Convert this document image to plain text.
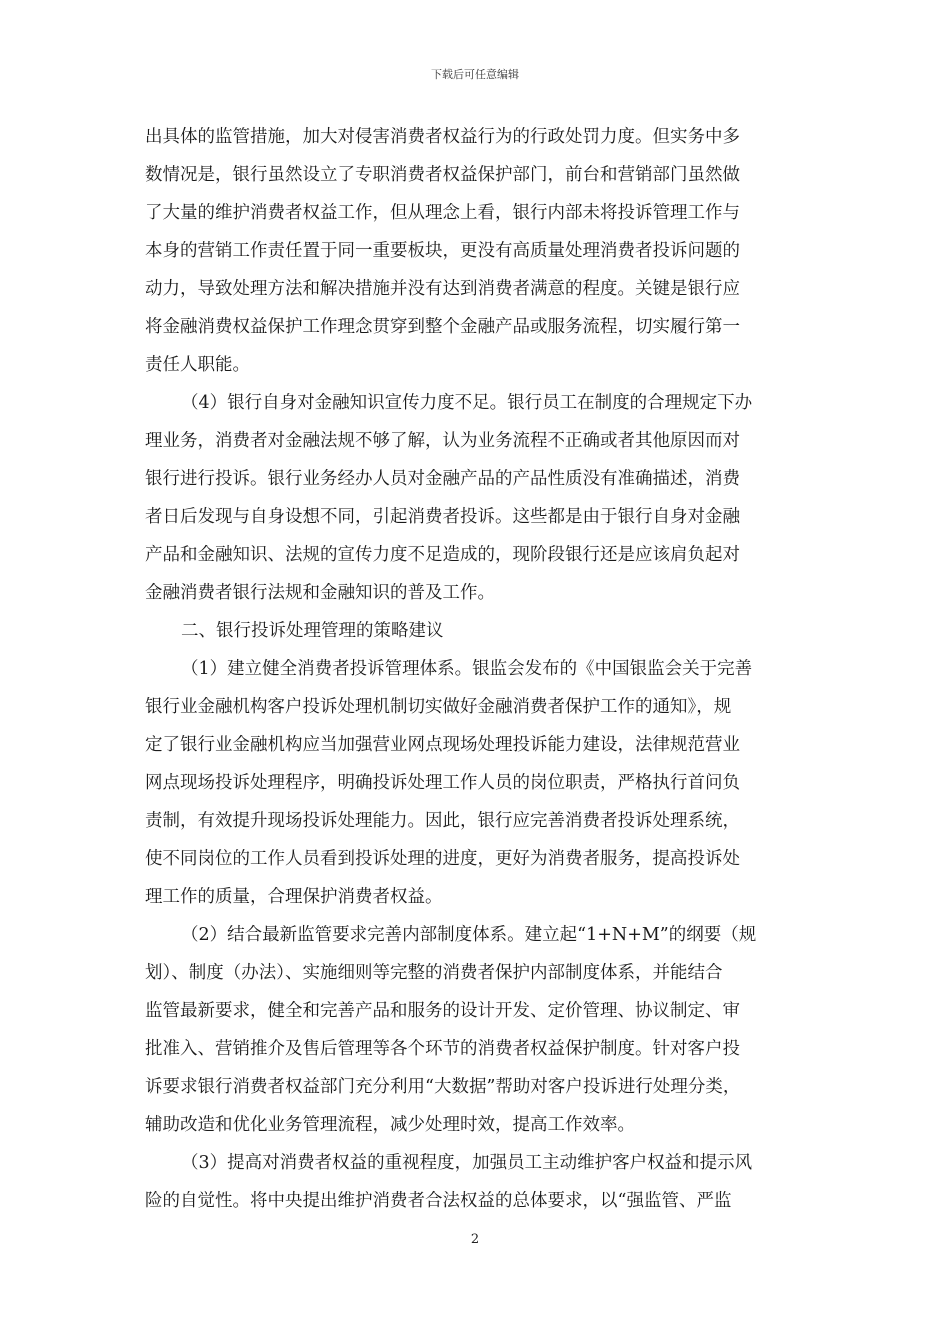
下载后可任意编辑
出具体的监管措施，加大对侵害消费者权益行为的行政处罚力度。但实务中多
数情况是，银行虽然设立了专职消费者权益保护部门，前台和营销部门虽然做
了大量的维护消费者权益工作，但从理念上看，银行内部未将投诉管理工作与
本身的营销工作责任置于同一重要板块，更没有高质量处理消费者投诉问题的
动力，导致处理方法和解决措施并没有达到消费者满意的程度。关键是银行应
将金融消费权益保护工作理念贯穿到整个金融产品或服务流程，切实履行第一
责任人职能。
（4）银行自身对金融知识宣传力度不足。银行员工在制度的合理规定下办
理业务，消费者对金融法规不够了解，认为业务流程不正确或者其他原因而对
银行进行投诉。银行业务经办人员对金融产品的产品性质没有准确描述，消费
者日后发现与自身设想不同，引起消费者投诉。这些都是由于银行自身对金融
产品和金融知识、法规的宣传力度不足造成的，现阶段银行还是应该肩负起对
金融消费者银行法规和金融知识的普及工作。
二、银行投诉处理管理的策略建议
（1）建立健全消费者投诉管理体系。银监会发布的《中国银监会关于完善
银行业金融机构客户投诉处理机制切实做好金融消费者保护工作的通知》，规
定了银行业金融机构应当加强营业网点现场处理投诉能力建设，法律规范营业
网点现场投诉处理程序，明确投诉处理工作人员的岗位职责，严格执行首问负
责制，有效提升现场投诉处理能力。因此，银行应完善消费者投诉处理系统，
使不同岗位的工作人员看到投诉处理的进度，更好为消费者服务，提高投诉处
理工作的质量，合理保护消费者权益。
（2）结合最新监管要求完善内部制度体系。建立起“1+N+M”的纲要（规
划）、制度（办法）、实施细则等完整的消费者保护内部制度体系，并能结合
监管最新要求，健全和完善产品和服务的设计开发、定价管理、协议制定、审
批准入、营销推介及售后管理等各个环节的消费者权益保护制度。针对客户投
诉要求银行消费者权益部门充分利用“大数据”帮助对客户投诉进行处理分类，
辅助改造和优化业务管理流程，减少处理时效，提高工作效率。
（3）提高对消费者权益的重视程度，加强员工主动维护客户权益和提示风
险的自觉性。将中央提出维护消费者合法权益的总体要求，以“强监管、严监
2
